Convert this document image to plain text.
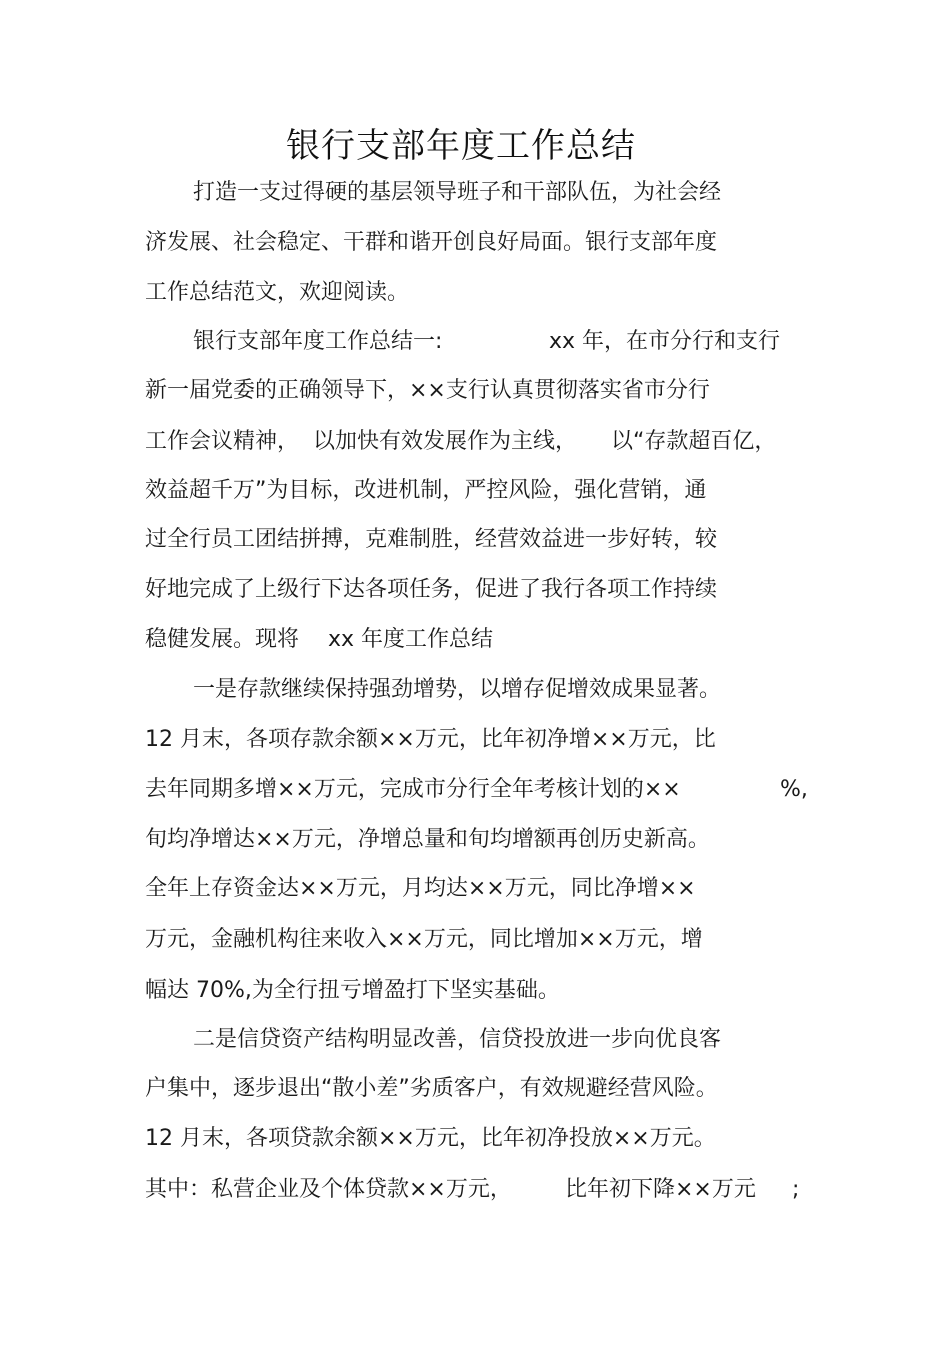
银行支部年度工作总结
打造一支过得硬的基层领导班子和干部队伍，为社会经
济发展、社会稳定、干群和谐开创良好局面。银行支部年度
工作总结范文，欢迎阅读。
银行支部年度工作总结一:	xx 年，在市分行和支行
新一届党委的正确领导下，××支行认真贯彻落实省市分行
工作会议精神， 以加快有效发展作为主线， 以“存款超百亿，
效益超千万”为目标，改进机制，严控风险，强化营销，通
过全行员工团结拼搏，克难制胜，经营效益进一步好转，较
好地完成了上级行下达各项任务，促进了我行各项工作持续
稳健发展。现将 xx 年度工作总结
一是存款继续保持强劲增势，以增存促增效成果显著。
12 月末，各项存款余额××万元，比年初净增××万元，比
去年同期多增××万元，完成市分行全年考核计划的××	%,
旬均净增达××万元，净增总量和旬均增额再创历史新高。
全年上存资金达××万元，月均达××万元，同比净增××
万元，金融机构往来收入××万元，同比增加××万元，增
幅达 70%,为全行扭亏增盈打下坚实基础。
二是信贷资产结构明显改善，信贷投放进一步向优良客
户集中，逐步退出“散小差”劣质客户，有效规避经营风险。
12 月末，各项贷款余额××万元，比年初净投放××万元。
其中：私营企业及个体贷款××万元， 比年初下降××万元 ;
